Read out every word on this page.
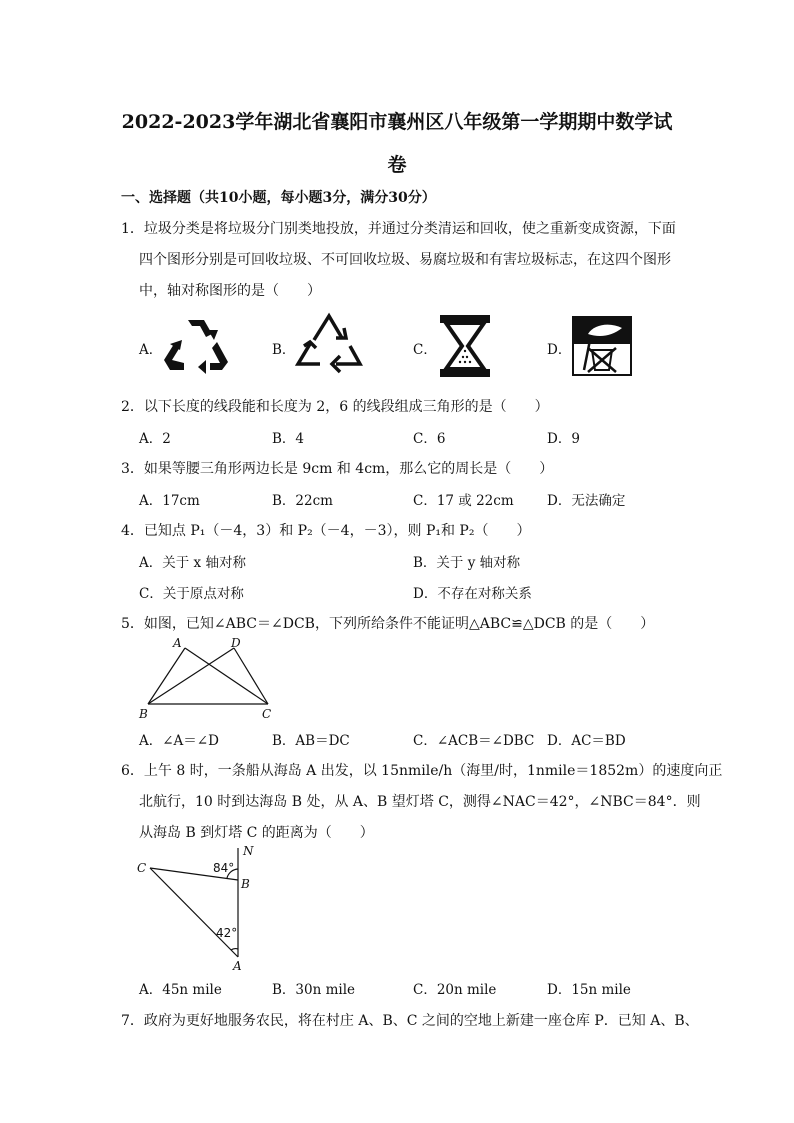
2022-2023学年湖北省襄阳市襄州区八年级第一学期期中数学试
卷
一、选择题（共10小题，每小题3分，满分30分）
1．垃圾分类是将垃圾分门别类地投放，并通过分类清运和回收，使之重新变成资源，下面
四个图形分别是可回收垃圾、不可回收垃圾、易腐垃圾和有害垃圾标志，在这四个图形
中，轴对称图形的是（　　）
A．	B．	C．	D．
2．以下长度的线段能和长度为 2，6 的线段组成三角形的是（　　）
A．2	B．4	C．6	D．9
3．如果等腰三角形两边长是 9cm 和 4cm，那么它的周长是（　　）
A．17cm	B．22cm	C．17 或 22cm D．无法确定
4．已知点 P₁（－4，3）和 P₂（－4，－3），则 P₁和 P₂（　　）
A．关于 x 轴对称	B．关于 y 轴对称
C．关于原点对称	D．不存在对称关系
5．如图，已知∠ABC＝∠DCB，下列所给条件不能证明△ABC≌△DCB 的是（　　）
A	D
B	C
A．∠A＝∠D	B．AB＝DC	C．∠ACB＝∠DBC D．AC＝BD
6．上午 8 时，一条船从海岛 A 出发，以 15nmile/h（海里/时，1nmile＝1852m）的速度向正
北航行，10 时到达海岛 B 处，从 A、B 望灯塔 C，测得∠NAC＝42°，∠NBC＝84°．则
从海岛 B 到灯塔 C 的距离为（　　）
N
C
B
A
84°
42°
A．45n mile	B．30n mile	C．20n mile	D．15n mile
7．政府为更好地服务农民，将在村庄 A、B、C 之间的空地上新建一座仓库 P．已知 A、B、
